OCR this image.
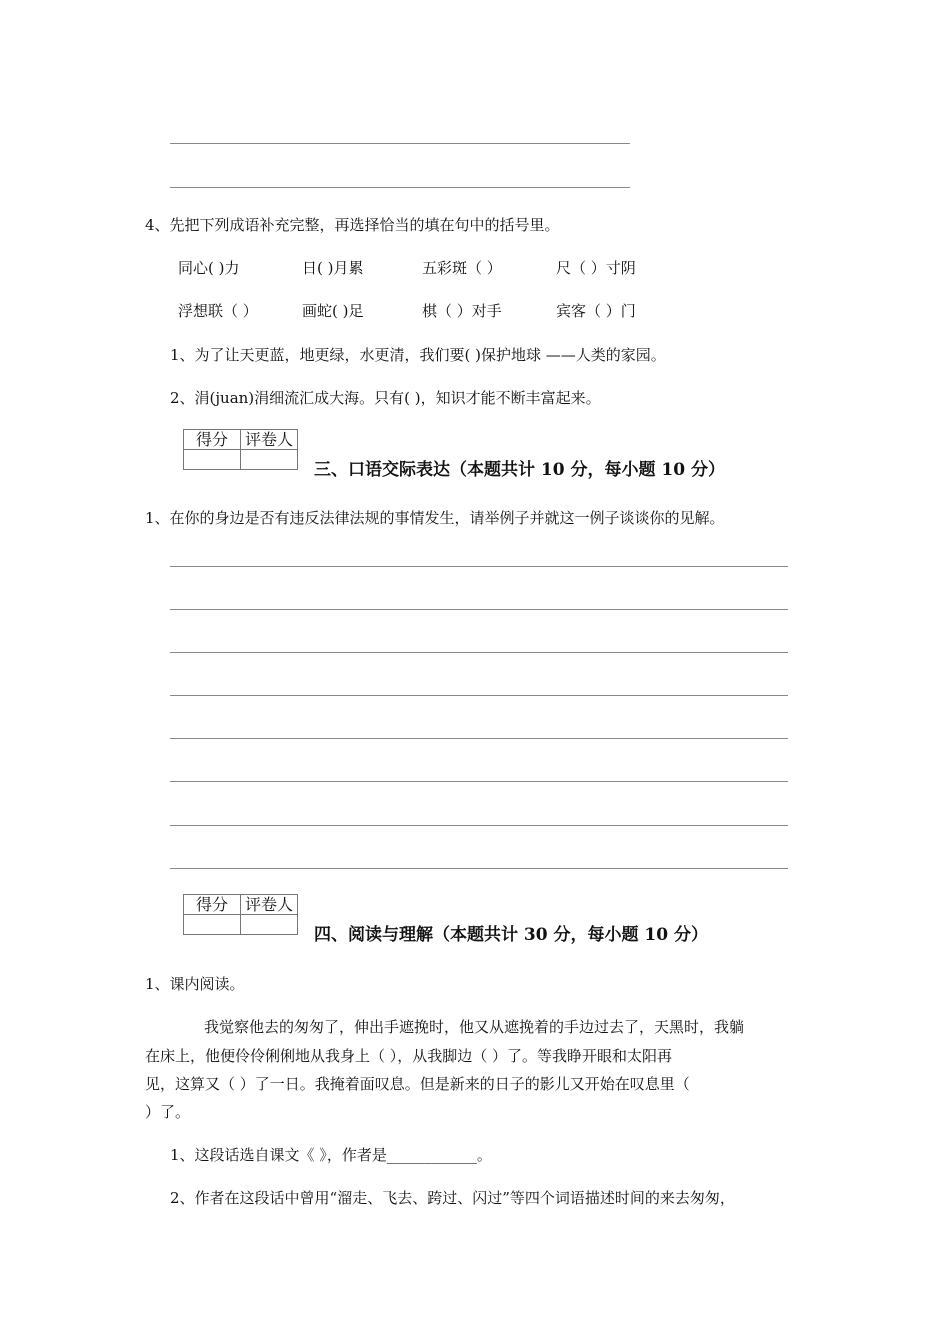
4、先把下列成语补充完整，再选择恰当的填在句中的括号里。
同心( )力	日( )月累	五彩斑（ ）	尺（ ）寸阴
浮想联（ ）	画蛇( )足	棋（ ）对手	宾客（ ）门
1、为了让天更蓝，地更绿，水更清，我们要( )保护地球 ——人类的家园。
2、涓(juan)涓细流汇成大海。只有( )，知识才能不断丰富起来。
得分	评卷人

三、口语交际表达（本题共计 10 分，每小题 10 分）
1、在你的身边是否有违反法律法规的事情发生，请举例子并就这一例子谈谈你的见解。
得分	评卷人

四、阅读与理解（本题共计 30 分，每小题 10 分）
1、课内阅读。
我觉察他去的匆匆了，伸出手遮挽时，他又从遮挽着的手边过去了，天黑时，我躺
在床上，他便伶伶俐俐地从我身上（ ），从我脚边（ ）了。等我睁开眼和太阳再
见，这算又（ ）了一日。我掩着面叹息。但是新来的日子的影儿又开始在叹息里（
）了。
1、这段话选自课文《 》，作者是____________。
2、作者在这段话中曾用“溜走、飞去、跨过、闪过”等四个词语描述时间的来去匆匆，
